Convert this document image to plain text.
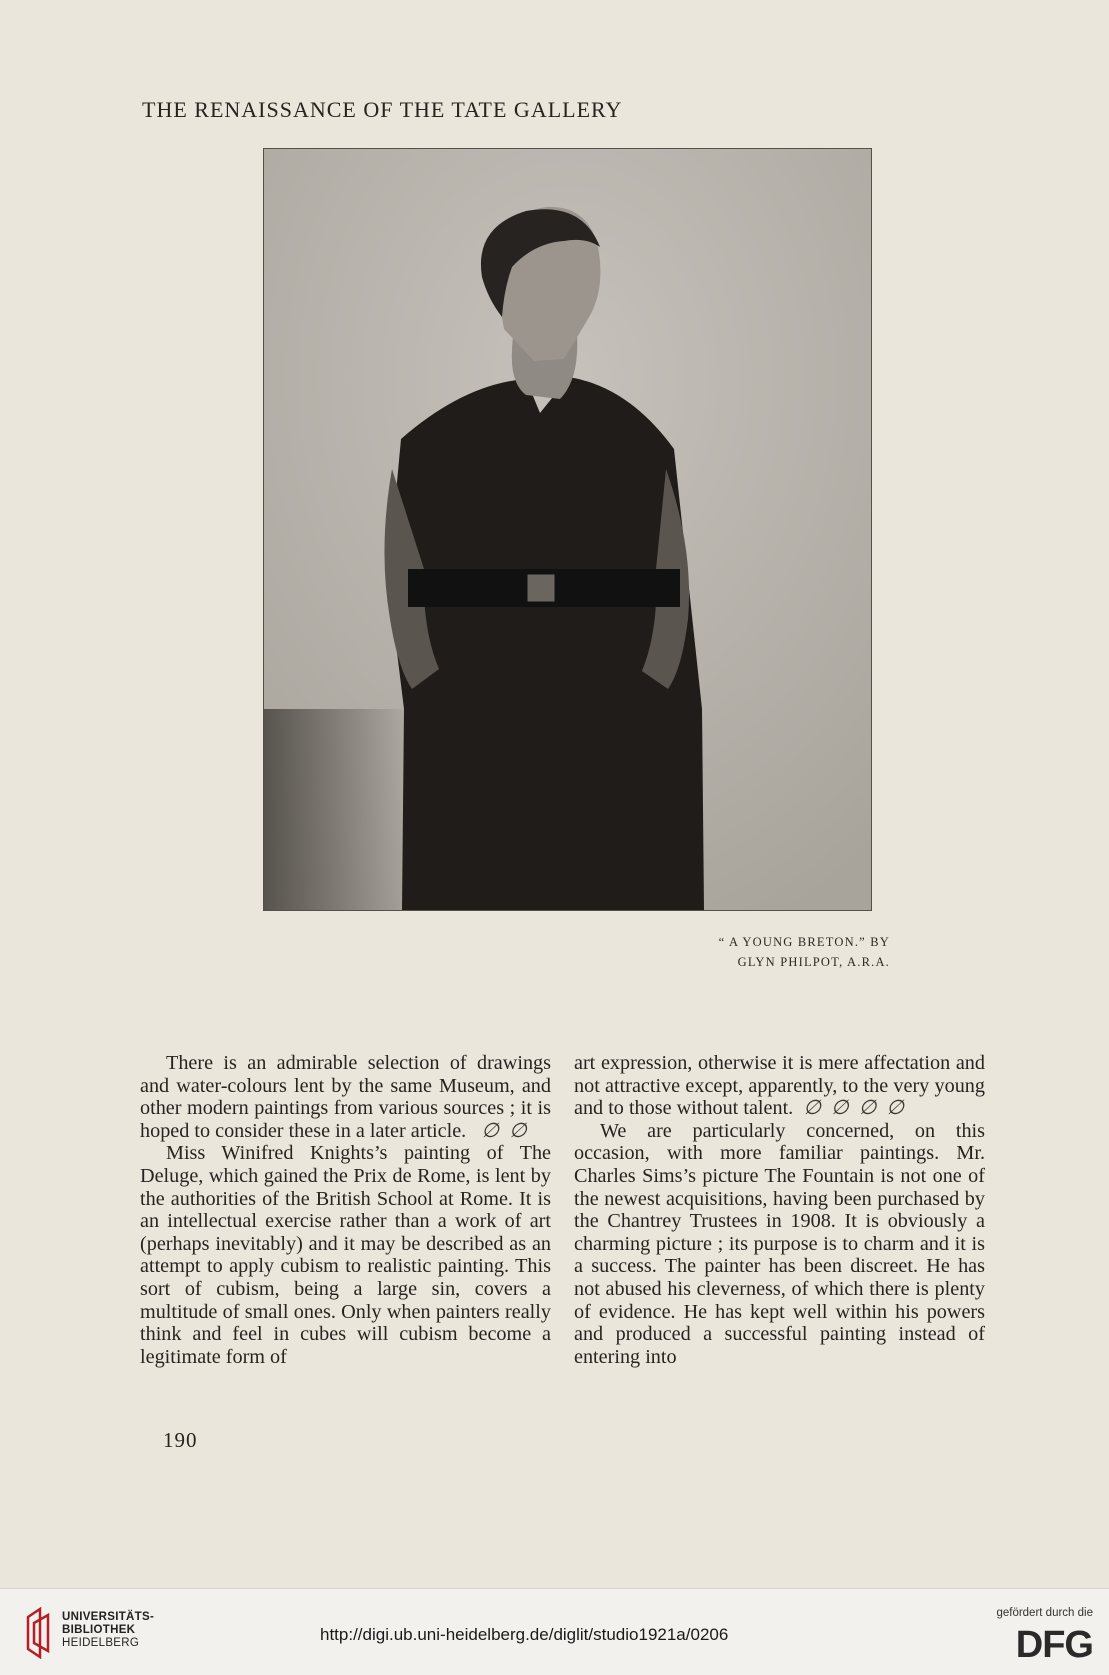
THE RENAISSANCE OF THE TATE GALLERY
“ A YOUNG BRETON.” BY
GLYN PHILPOT, A.R.A.

There is an admirable selection of drawings and water-colours lent by the same Museum, and other modern paintings from various sources ; it is hoped to consider these in a later article. ∅ ∅

Miss Winifred Knights’s painting of The Deluge, which gained the Prix de Rome, is lent by the authorities of the British School at Rome. It is an intellectual exercise rather than a work of art (perhaps inevitably) and it may be described as an attempt to apply cubism to realistic painting. This sort of cubism, being a large sin, covers a multitude of small ones. Only when painters really think and feel in cubes will cubism become a legitimate form of

art expression, otherwise it is mere affectation and not attractive except, apparently, to the very young and to those without talent. ∅ ∅ ∅ ∅

We are particularly concerned, on this occasion, with more familiar paintings. Mr. Charles Sims’s picture The Fountain is not one of the newest acquisitions, having been purchased by the Chantrey Trustees in 1908. It is obviously a charming picture ; its purpose is to charm and it is a success. The painter has been discreet. He has not abused his cleverness, of which there is plenty of evidence. He has kept well within his powers and produced a successful painting instead of entering into

190
UNIVERSITÄTS-
BIBLIOTHEK
HEIDELBERG	http://digi.ub.uni-heidelberg.de/diglit/studio1921a/0206
gefördert durch die
DFG
